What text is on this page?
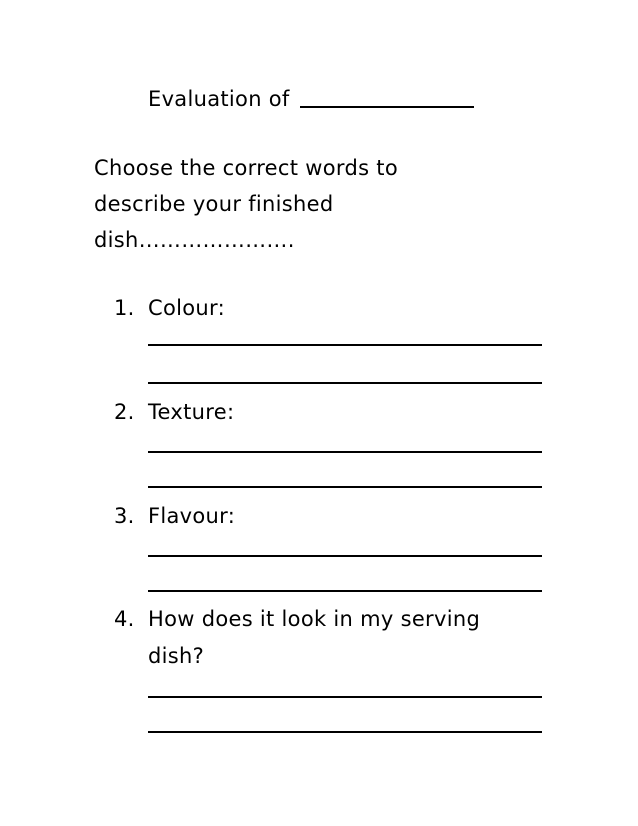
Evaluation of
Choose the correct words to
describe your finished
dish………………….
1. Colour:
2. Texture:
3. Flavour:
4. How does it look in my serving
dish?
